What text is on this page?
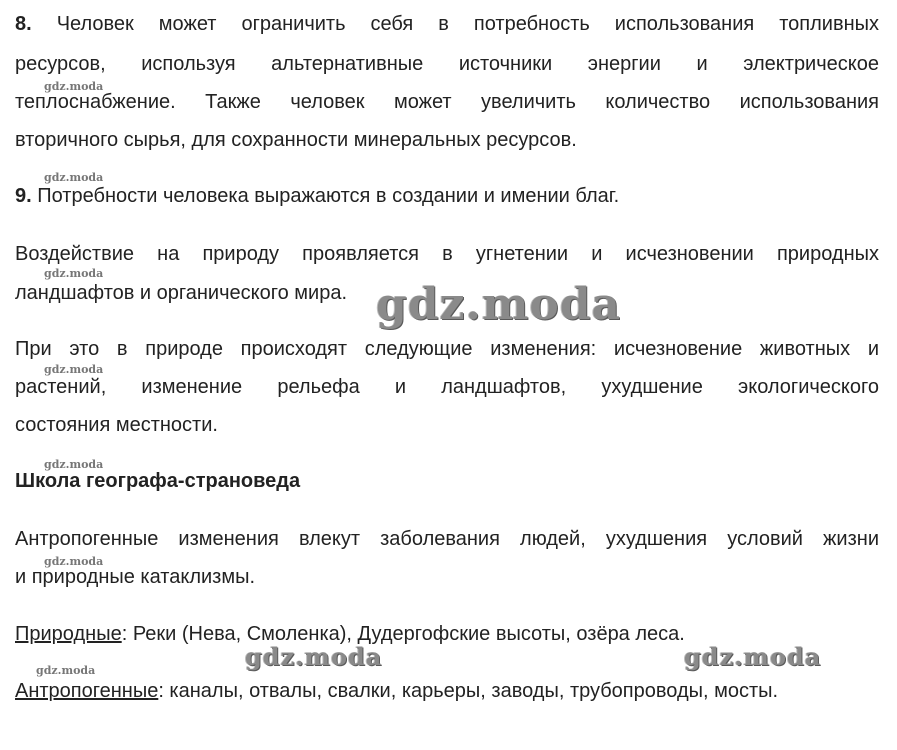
8. Человек может ограничить себя в потребность использования топливных
ресурсов, используя альтернативные источники энергии и электрическое
теплоснабжение. Также человек может увеличить количество использования
вторичного сырья, для сохранности минеральных ресурсов.
9. Потребности человека выражаются в создании и имении благ.
Воздействие на природу проявляется в угнетении и исчезновении природных
ландшафтов и органического мира.
При это в природе происходят следующие изменения: исчезновение животных и
растений, изменение рельефа и ландшафтов, ухудшение экологического
состояния местности.
Школа географа-страноведа
Антропогенные изменения влекут заболевания людей, ухудшения условий жизни
и природные катаклизмы.
Природные: Реки (Нева, Смоленка), Дудергофские высоты, озёра леса.
Антропогенные: каналы, отвалы, свалки, карьеры, заводы, трубопроводы, мосты.
gdz.moda
gdz.moda
gdz.moda
gdz.moda
gdz.moda
gdz.moda
gdz.moda
gdz.moda
gdz.moda	gdz.moda
